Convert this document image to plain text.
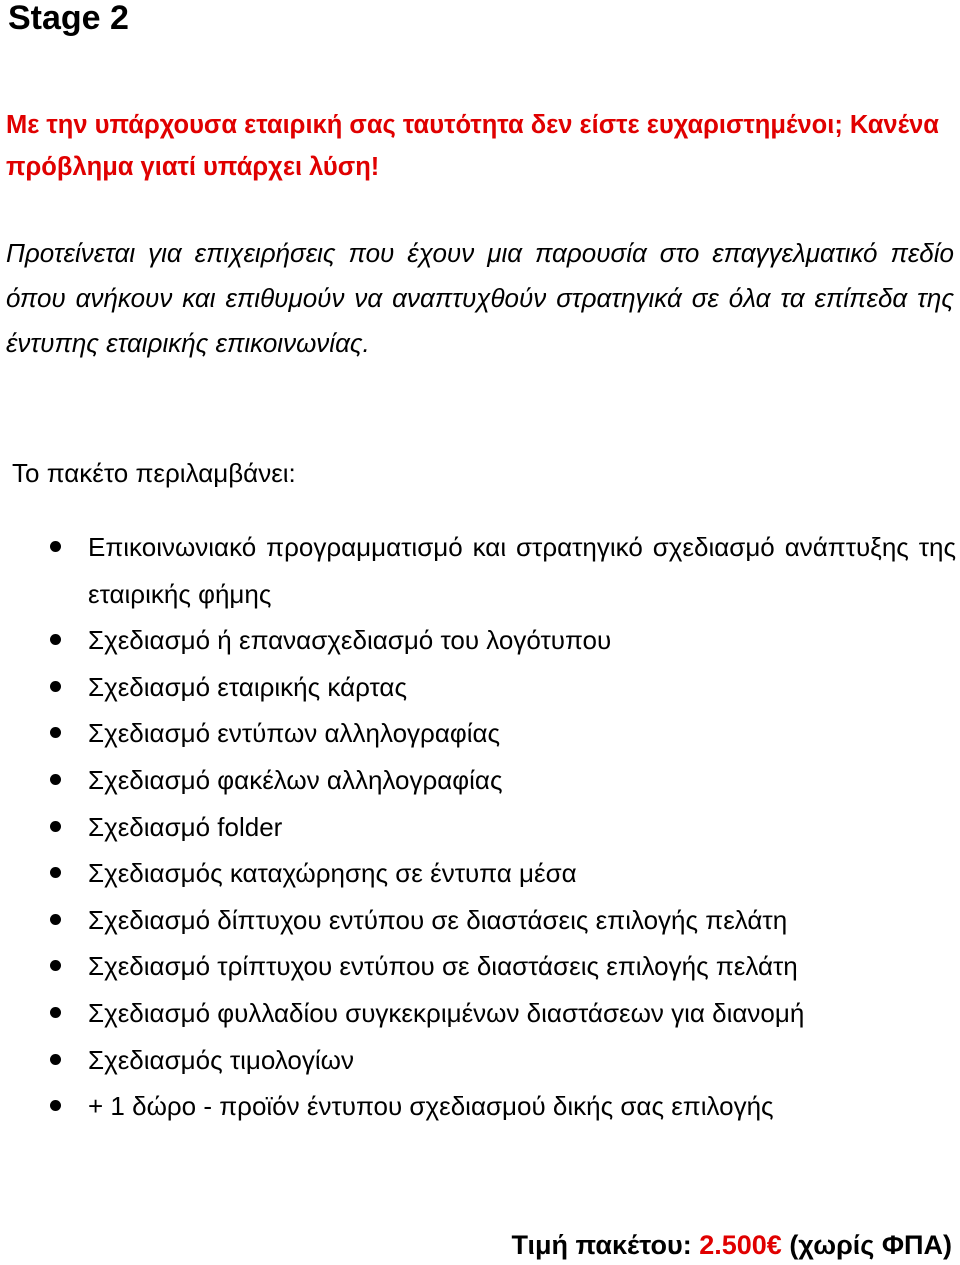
Stage 2

Με την υπάρχουσα εταιρική σας ταυτότητα δεν είστε ευχαριστημένοι; Κανένα πρόβλημα γιατί υπάρχει λύση!

Προτείνεται για επιχειρήσεις που έχουν μια παρουσία στο επαγγελματικό πεδίο όπου ανήκουν και επιθυμούν να αναπτυχθούν στρατηγικά σε όλα τα επίπεδα της έντυπης εταιρικής επικοινωνίας.

Το πακέτο περιλαμβάνει:

Επικοινωνιακό προγραμματισμό και στρατηγικό σχεδιασμό ανάπτυξης της εταιρικής φήμης
Σχεδιασμό ή επανασχεδιασμό του λογότυπου
Σχεδιασμό εταιρικής κάρτας
Σχεδιασμό εντύπων αλληλογραφίας
Σχεδιασμό φακέλων αλληλογραφίας
Σχεδιασμό folder
Σχεδιασμός καταχώρησης σε έντυπα μέσα
Σχεδιασμό δίπτυχου εντύπου σε διαστάσεις επιλογής πελάτη
Σχεδιασμό τρίπτυχου εντύπου σε διαστάσεις επιλογής πελάτη
Σχεδιασμό φυλλαδίου συγκεκριμένων διαστάσεων για διανομή
Σχεδιασμός τιμολογίων
+ 1 δώρο - προϊόν έντυπου σχεδιασμού δικής σας επιλογής

Τιμή πακέτου: 2.500€ (χωρίς ΦΠΑ)
